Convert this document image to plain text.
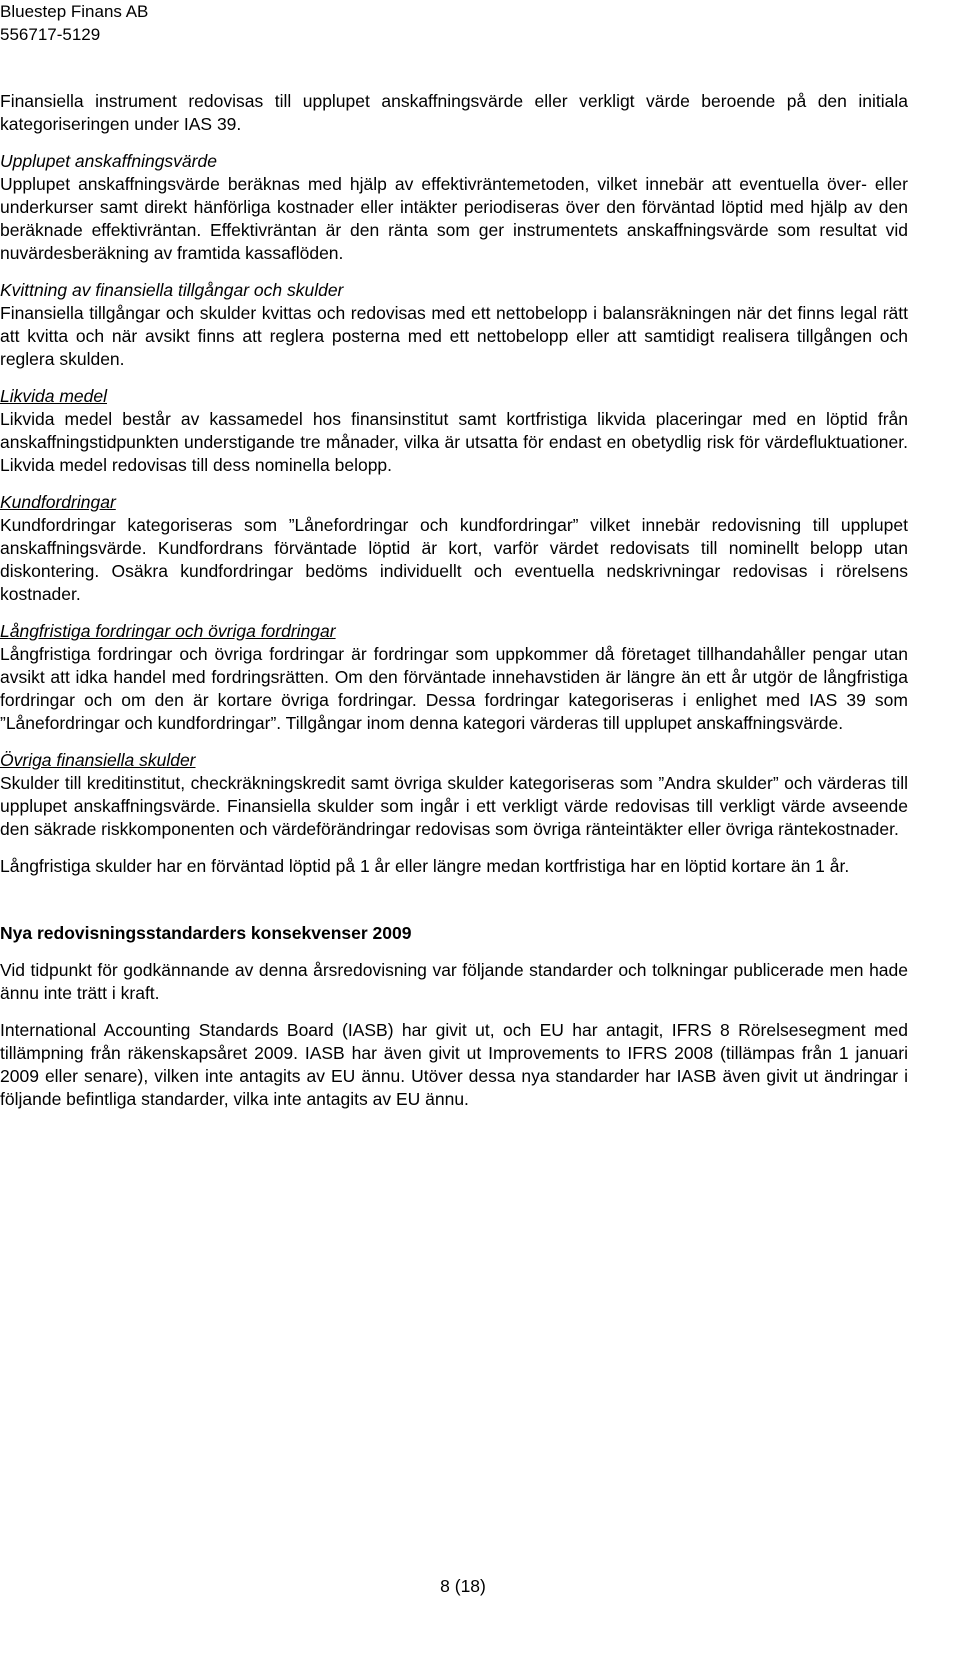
Bluestep Finans AB
556717-5129

Finansiella instrument redovisas till upplupet anskaffningsvärde eller verkligt värde beroende på den initiala kategoriseringen under IAS 39.

Upplupet anskaffningsvärde

Upplupet anskaffningsvärde beräknas med hjälp av effektivräntemetoden, vilket innebär att eventuella över- eller underkurser samt direkt hänförliga kostnader eller intäkter periodiseras över den förväntad löptid med hjälp av den beräknade effektivräntan. Effektivräntan är den ränta som ger instrumentets anskaffningsvärde som resultat vid nuvärdesberäkning av framtida kassaflöden.

Kvittning av finansiella tillgångar och skulder

Finansiella tillgångar och skulder kvittas och redovisas med ett nettobelopp i balansräkningen när det finns legal rätt att kvitta och när avsikt finns att reglera posterna med ett nettobelopp eller att samtidigt realisera tillgången och reglera skulden.

Likvida medel

Likvida medel består av kassamedel hos finansinstitut samt kortfristiga likvida placeringar med en löptid från anskaffningstidpunkten understigande tre månader, vilka är utsatta för endast en obetydlig risk för värdefluktuationer. Likvida medel redovisas till dess nominella belopp.

Kundfordringar

Kundfordringar kategoriseras som ”Lånefordringar och kundfordringar” vilket innebär redovisning till upplupet anskaffningsvärde. Kundfordrans förväntade löptid är kort, varför värdet redovisats till nominellt belopp utan diskontering. Osäkra kundfordringar bedöms individuellt och eventuella nedskrivningar redovisas i rörelsens kostnader.

Långfristiga fordringar och övriga fordringar

Långfristiga fordringar och övriga fordringar är fordringar som uppkommer då företaget tillhandahåller pengar utan avsikt att idka handel med fordringsrätten. Om den förväntade innehavstiden är längre än ett år utgör de långfristiga fordringar och om den är kortare övriga fordringar. Dessa fordringar kategoriseras i enlighet med IAS 39 som ”Lånefordringar och kundfordringar”. Tillgångar inom denna kategori värderas till upplupet anskaffningsvärde.

Övriga finansiella skulder

Skulder till kreditinstitut, checkräkningskredit samt övriga skulder kategoriseras som ”Andra skulder” och värderas till upplupet anskaffningsvärde. Finansiella skulder som ingår i ett verkligt värde redovisas till verkligt värde avseende den säkrade riskkomponenten och värdeförändringar redovisas som övriga ränteintäkter eller övriga räntekostnader.

Långfristiga skulder har en förväntad löptid på 1 år eller längre medan kortfristiga har en löptid kortare än 1 år.

Nya redovisningsstandarders konsekvenser 2009

Vid tidpunkt för godkännande av denna årsredovisning var följande standarder och tolkningar publicerade men hade ännu inte trätt i kraft.

International Accounting Standards Board (IASB) har givit ut, och EU har antagit, IFRS 8 Rörelsesegment med tillämpning från räkenskapsåret 2009. IASB har även givit ut Improvements to IFRS 2008 (tillämpas från 1 januari 2009 eller senare), vilken inte antagits av EU ännu. Utöver dessa nya standarder har IASB även givit ut ändringar i följande befintliga standarder, vilka inte antagits av EU ännu.

8 (18)
